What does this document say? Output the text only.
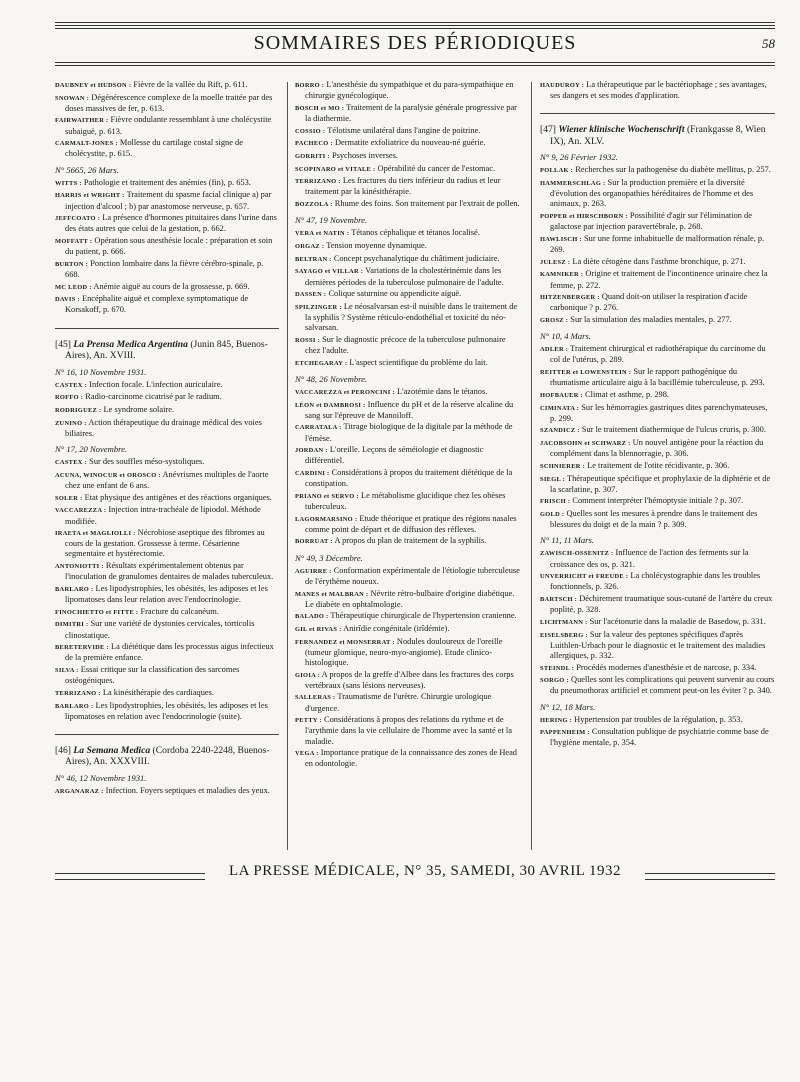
SOMMAIRES DES PÉRIODIQUES	58
DAUBNEY et HUDSON : Fièvre de la vallée du Rift, p. 611.
SNOWAN : Dégénérescence complexe de la moelle traitée par des doses massives de fer, p. 613.
FAIRWAITHER : Fièvre ondulante ressemblant à une cholécystite subaiguë, p. 613.
CARMALT-JONES : Mollesse du cartilage costal signe de cholécystite, p. 615.
N° 5665, 26 Mars.
WITTS : Pathologie et traitement des anémies (fin), p. 653.
HARRIS et WRIGHT : Traitement du spasme facial clinique a) par injection d'alcool ; b) par anastomose nerveuse, p. 657.
JEFFCOATO : La présence d'hormones pituitaires dans l'urine dans des états autres que celui de la gestation, p. 662.
MOFFATT : Opération sous anesthésie locale : préparation et soin du patient, p. 666.
BURTON : Ponction lombaire dans la fièvre cérébro-spinale, p. 668.
MC LEOD : Anémie aiguë au cours de la grossesse, p. 669.
DAVIS : Encéphalite aiguë et complexe symptomatique de Korsakoff, p. 670.
[45] La Prensa Medica Argentina (Junin 845, Buenos-Aires), An. XVIII.
N° 16, 10 Novembre 1931.
CASTEX : Infection focale. L'infection auriculaire.
ROFFO : Radio-carcinome cicatrisé par le radium.
RODRIGUEZ : Le syndrome solaire.
ZUNINO : Action thérapeutique du drainage médical des voies biliaires.
N° 17, 20 Novembre.
CASTEX : Sur des souffles méso-systoliques.
ACUNA, WINOCUR et OROSCO : Anévrismes multiples de l'aorte chez une enfant de 6 ans.
SOLER : Etat physique des antigènes et des réactions organiques.
VACCAREZZA : Injection intra-trachéale de lipiodol. Méthode modifiée.
IRAETA et MAGLIOLLI : Nécrobiose aseptique des fibromes au cours de la gestation. Grossesse à terme. Césarienne segmentaire et hystérectomie.
ANTONIOTTI : Résultats expérimentalement obtenus par l'inoculation de granulomes dentaires de malades tuberculeux.
BARLARO : Les lipodystrophies, les obésités, les adiposes et les lipomatoses dans leur relation avec l'endocrinologie.
FINOCHIETTO et FITTE : Fracture du calcanéum.
DIMITRI : Sur une variété de dystonies cervicales, torticolis clinostatique.
BERETERVIDE : La diététique dans les processus aigus infectieux de la première enfance.
SILVA : Essai critique sur la classification des sarcomes ostéogéniques.
TERRIZANO : La kinésithérapie des cardiaques.
BARLARO : Les lipodystrophies, les obésités, les adiposes et les lipomatoses en relation avec l'endocrinologie (suite).
[46] La Semana Medica (Cordoba 2240-2248, Buenos-Aires), An. XXXVIII.
N° 46, 12 Novembre 1931.
ARGANARAZ : Infection. Foyers septiques et maladies des yeux.
BORRO : L'anesthésie du sympathique et du para-sympathique en chirurgie gynécologique.
BOSCH et MO : Traitement de la paralysie générale progressive par la diathermie.
COSSIO : Télotisme unilatéral dans l'angine de poitrine.
PACHECO : Dermatite exfoliatrice du nouveau-né guérie.
GORRITI : Psychoses inverses.
SCOPINARO et VITALE : Opérabilité du cancer de l'estomac.
TERRIZANO : Les fractures du tiers inférieur du radius et leur traitement par la kinésithérapie.
BOZZOLA : Rhume des foins. Son traitement par l'extrait de pollen.
N° 47, 19 Novembre.
VERA et NATIN : Tétanos céphalique et tétanos localisé.
ORGAZ : Tension moyenne dynamique.
BELTRAN : Concept psychanalytique du châtiment judiciaire.
SAYAGO et VILLAR : Variations de la cholestérinémie dans les dernières périodes de la tuberculose pulmonaire de l'adulte.
DASSEN : Colique saturnine ou appendicite aiguë.
SPILZINGER : Le néosalvarsan est-il nuisible dans le traitement de la syphilis ? Système réticulo-endothélial et toxicité du néo-salvarsan.
ROSSI : Sur le diagnostic précoce de la tuberculose pulmonaire chez l'adulte.
ETCHEGARAY : L'aspect scientifique du problème du lait.
N° 48, 26 Novembre.
VACCAREZZA et PERONCINI : L'azotémie dans le tétanos.
LÉON et DAMBROSI : Influence du pH et de la réserve alcaline du sang sur l'épreuve de Manoiloff.
CARRATALA : Titrage biologique de la digitale par la méthode de l'émèse.
JORDAN : L'oreille. Leçons de séméiologie et diagnostic différentiel.
CARDINI : Considérations à propos du traitement diététique de la constipation.
PRIANO et SERVO : Le métabolisme glucidique chez les obèses tuberculeux.
LAGORMARSINO : Etude théorique et pratique des régions nasales comme point de départ et de diffusion des réflexes.
BORRUAT : A propos du plan de traitement de la syphilis.
N° 49, 3 Décembre.
AGUIRRE : Conformation expérimentale de l'étiologie tuberculeuse de l'érythème noueux.
MANES et MALBRAN : Névrite rétro-bulbaire d'origine diabétique. Le diabète en ophtalmologie.
BALADO : Thérapeutique chirurgicale de l'hypertension cranienne.
GIL et RIVAS : Anirîdie congénitale (irîdémie).
FERNANDEZ et MONSERRAT : Nodules douloureux de l'oreille (tumeur glomique, neuro-myo-angiome). Etude clinico-histologique.
GIOIA : A propos de la greffe d'Albee dans les fractures des corps vertébraux (sans lésions nerveuses).
SALLERAS : Traumatisme de l'urètre. Chirurgie urologique d'urgence.
PETTY : Considérations à propos des relations du rythme et de l'arythmie dans la vie cellulaire de l'homme avec la santé et la maladie.
VEGA : Importance pratique de la connaissance des zones de Head en odontologie.
HAUDUROY : La thérapeutique par le bactériophage ; ses avantages, ses dangers et ses modes d'application.
[47] Wiener klinische Wochenschrift (Frankgasse 8, Wien IX), An. XLV.
N° 9, 26 Février 1932.
POLLAK : Recherches sur la pathogenèse du diabète mellitus, p. 257.
HAMMERSCHLAG : Sur la production première et la diversité d'évolution des organopathies héréditaires de l'homme et des animaux, p. 263.
POPPER et HIRSCHBORN : Possibilité d'agir sur l'élimination de galactose par injection paravertébrale, p. 268.
HAWLISCH : Sur une forme inhabituelle de malformation rénale, p. 269.
JULESZ : La diète cétogène dans l'asthme bronchique, p. 271.
KAMNIKER : Origine et traitement de l'incontinence urinaire chez la femme, p. 272.
HITZENBERGER : Quand doit-on utiliser la respiration d'acide carbonique ? p. 276.
GROSZ : Sur la simulation des maladies mentales, p. 277.
N° 10, 4 Mars.
ADLER : Traitement chirurgical et radiothérapique du carcinome du col de l'utérus, p. 289.
REITTER et LOWENSTEIN : Sur le rapport pathogénique du rhumatisme articulaire aigu à la bacillémie tuberculeuse, p. 293.
HOFBAUER : Climat et asthme, p. 298.
CIMINATA : Sur les hémorragies gastriques dites parenchymateuses, p. 299.
SZANDICZ : Sur le traitement diathermique de l'ulcus cruris, p. 300.
JACOBSOHN et SCHWARZ : Un nouvel antigène pour la réaction du complément dans la blennorragie, p. 306.
SCHNIERER : Le traitement de l'otite récidivante, p. 306.
SIEGL : Thérapeutique spécifique et prophylaxie de la diphtérie et de la scarlatine, p. 307.
FRISCH : Comment interpréter l'hémoptysie initiale ? p. 307.
GOLD : Quelles sont les mesures à prendre dans le traitement des blessures du doigt et de la main ? p. 309.
N° 11, 11 Mars.
ZAWISCH-OSSENITZ : Influence de l'action des ferments sur la croissance des os, p. 321.
UNVERRICHT et FREUDE : La cholécystographie dans les troubles fonctionnels, p. 326.
BARTSCH : Déchirement traumatique sous-cutané de l'artère du creux poplité, p. 328.
LICHTMANN : Sur l'acétonurie dans la maladie de Basedow, p. 331.
EISELSBERG : Sur la valeur des peptones spécifiques d'après Luithlen-Urbach pour le diagnostic et le traitement des maladies allergiques, p. 332.
STEINDL : Procédés modernes d'anesthésie et de narcose, p. 334.
SORGO : Quelles sont les complications qui peuvent survenir au cours du pneumothorax artificiel et comment peut-on les éviter ? p. 340.
N° 12, 18 Mars.
HERING : Hypertension par troubles de la régulation, p. 353.
PAPPENHEIM : Consultation publique de psychiatrie comme base de l'hygiène mentale, p. 354.
LA PRESSE MÉDICALE, N° 35, SAMEDI, 30 AVRIL 1932
